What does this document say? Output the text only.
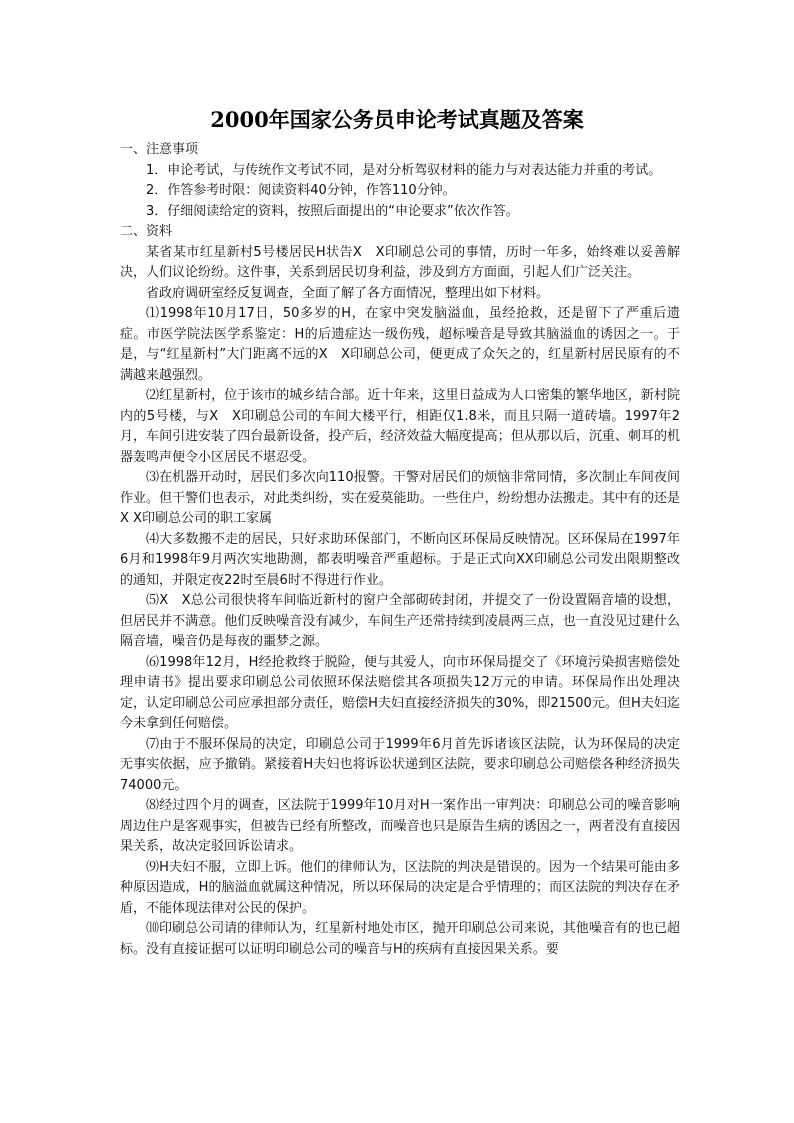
2000年国家公务员申论考试真题及答案

一、注意事项

1．申论考试，与传统作文考试不同，是对分析驾驭材料的能力与对表达能力并重的考试。

2．作答参考时限：阅读资料40分钟，作答110分钟。

3．仔细阅读给定的资料，按照后面提出的“申论要求”依次作答。

二、资料

某省某市红星新村5号楼居民H状告X　X印刷总公司的事情，历时一年多，始终难以妥善解决，人们议论纷纷。这件事，关系到居民切身利益，涉及到方方面面，引起人们广泛关注。

省政府调研室经反复调查，全面了解了各方面情况，整理出如下材料。

⑴1998年10月17日，50多岁的H，在家中突发脑溢血，虽经抢救，还是留下了严重后遗症。市医学院法医学系鉴定：H的后遗症达一级伤残，超标噪音是导致其脑溢血的诱因之一。于是，与“红星新村”大门距离不远的X　X印刷总公司，便更成了众矢之的，红星新村居民原有的不满越来越强烈。

⑵红星新村，位于该市的城乡结合部。近十年来，这里日益成为人口密集的繁华地区，新村院内的5号楼，与X　X印刷总公司的车间大楼平行，相距仅1.8米，而且只隔一道砖墙。1997年2月，车间引进安装了四台最新设备，投产后，经济效益大幅度提高；但从那以后，沉重、刺耳的机器轰鸣声便令小区居民不堪忍受。

⑶在机器开动时，居民们多次向110报警。干警对居民们的烦恼非常同情，多次制止车间夜间作业。但干警们也表示，对此类纠纷，实在爱莫能助。一些住户，纷纷想办法搬走。其中有的还是X X印刷总公司的职工家属

⑷大多数搬不走的居民，只好求助环保部门，不断向区环保局反映情况。区环保局在1997年6月和1998年9月两次实地勘测，都表明噪音严重超标。于是正式向XX印刷总公司发出限期整改的通知，并限定夜22时至晨6时不得进行作业。

⑸X　X总公司很快将车间临近新村的窗户全部砌砖封闭，并提交了一份设置隔音墙的设想，但居民并不满意。他们反映噪音没有减少，车间生产还常持续到凌晨两三点，也一直没见过建什么隔音墙，噪音仍是每夜的噩梦之源。

⑹1998年12月，H经抢救终于脱险，便与其爱人，向市环保局提交了《环境污染损害赔偿处理申请书》提出要求印刷总公司依照环保法赔偿其各项损失12万元的申请。环保局作出处理决定，认定印刷总公司应承担部分责任，赔偿H夫妇直接经济损失的30%，即21500元。但H夫妇迄今未拿到任何赔偿。

⑺由于不服环保局的决定，印刷总公司于1999年6月首先诉诸该区法院，认为环保局的决定无事实依据，应予撤销。紧接着H夫妇也将诉讼状递到区法院，要求印刷总公司赔偿各种经济损失74000元。

⑻经过四个月的调查，区法院于1999年10月对H一案作出一审判决：印刷总公司的噪音影响周边住户是客观事实，但被告已经有所整改，而噪音也只是原告生病的诱因之一，两者没有直接因果关系，故决定驳回诉讼请求。

⑼H夫妇不服，立即上诉。他们的律师认为，区法院的判决是错误的。因为一个结果可能由多种原因造成，H的脑溢血就属这种情况，所以环保局的决定是合乎情理的；而区法院的判决存在矛盾，不能体现法律对公民的保护。

⑽印刷总公司请的律师认为，红星新村地处市区，抛开印刷总公司来说，其他噪音有的也已超标。没有直接证据可以证明印刷总公司的噪音与H的疾病有直接因果关系。要
